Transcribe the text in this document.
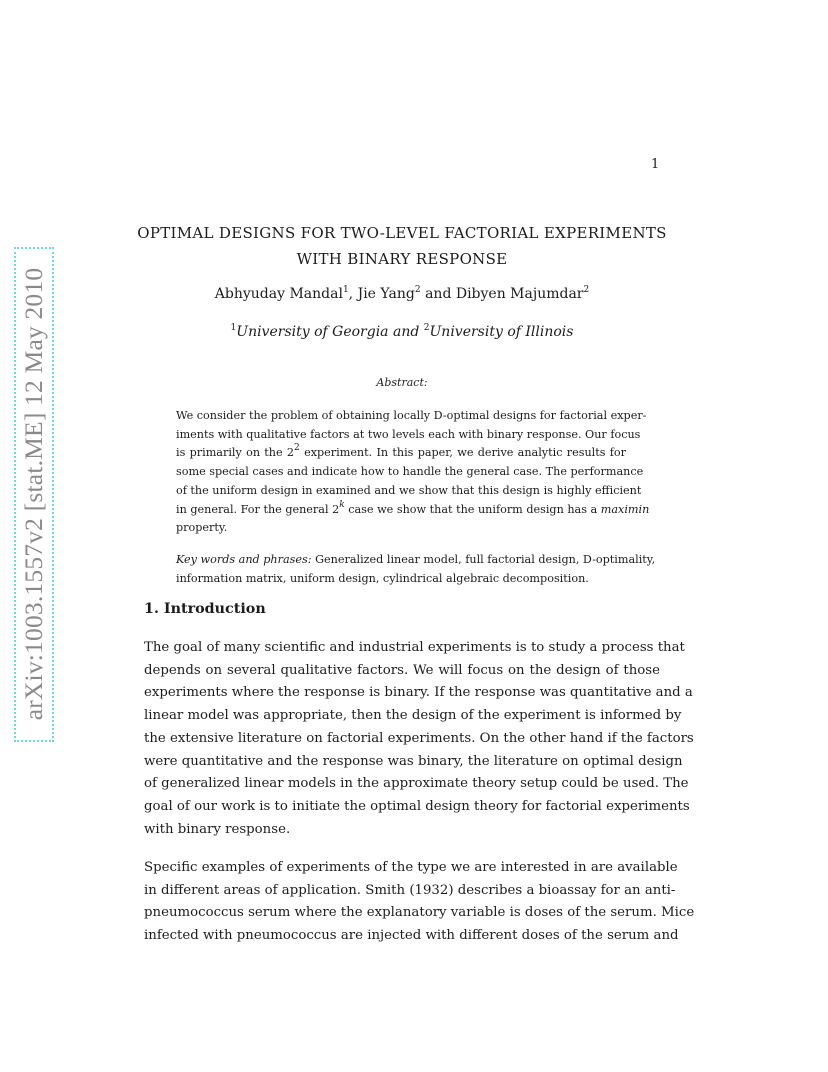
1
arXiv:1003.1557v2 [stat.ME] 12 May 2010
OPTIMAL DESIGNS FOR TWO-LEVEL FACTORIAL EXPERIMENTS
WITH BINARY RESPONSE
Abhyuday Mandal$^1$, Jie Yang$^2$ and Dibyen Majumdar$^2$
$^1$University of Georgia and $^2$University of Illinois
Abstract:
We consider the problem of obtaining locally D-optimal designs for factorial exper-
iments with qualitative factors at two levels each with binary response. Our focus
is primarily on the $2^2$ experiment. In this paper, we derive analytic results for
some special cases and indicate how to handle the general case. The performance
of the uniform design in examined and we show that this design is highly efficient
in general. For the general 2$^k$ case we show that the uniform design has a maximin
property.
Key words and phrases: Generalized linear model, full factorial design, D-optimality,
information matrix, uniform design, cylindrical algebraic decomposition.
1. Introduction
The goal of many scientific and industrial experiments is to study a process that
depends on several qualitative factors. We will focus on the design of those
experiments where the response is binary. If the response was quantitative and a
linear model was appropriate, then the design of the experiment is informed by
the extensive literature on factorial experiments. On the other hand if the factors
were quantitative and the response was binary, the literature on optimal design
of generalized linear models in the approximate theory setup could be used. The
goal of our work is to initiate the optimal design theory for factorial experiments
with binary response.
Specific examples of experiments of the type we are interested in are available
in different areas of application. Smith (1932) describes a bioassay for an anti-
pneumococcus serum where the explanatory variable is doses of the serum. Mice
infected with pneumococcus are injected with different doses of the serum and
